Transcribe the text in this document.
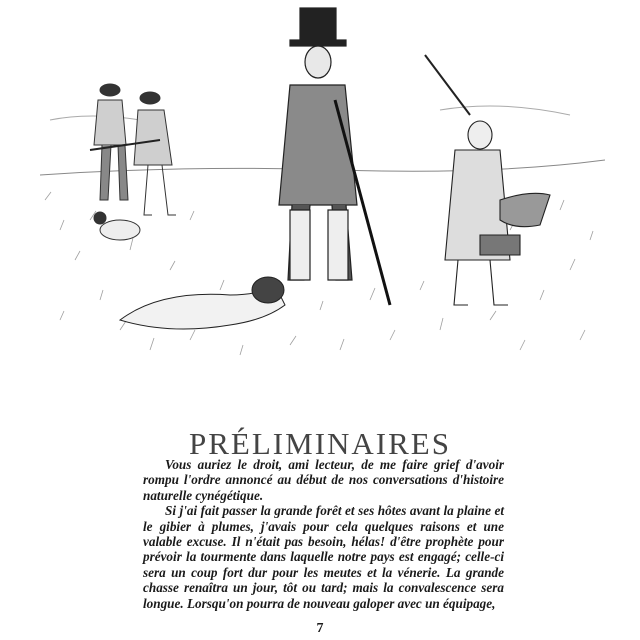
PRÉLIMINAIRES

Vous auriez le droit, ami lecteur, de me faire grief d'avoir rompu l'ordre annoncé au début de nos conversations d'histoire naturelle cynégétique.

Si j'ai fait passer la grande forêt et ses hôtes avant la plaine et le gibier à plumes, j'avais pour cela quelques raisons et une valable excuse. Il n'était pas besoin, hélas! d'être prophète pour prévoir la tourmente dans laquelle notre pays est engagé; celle-ci sera un coup fort dur pour les meutes et la vénerie. La grande chasse renaîtra un jour, tôt ou tard; mais la convalescence sera longue. Lorsqu'on pourra de nouveau galoper avec un équipage,

7
